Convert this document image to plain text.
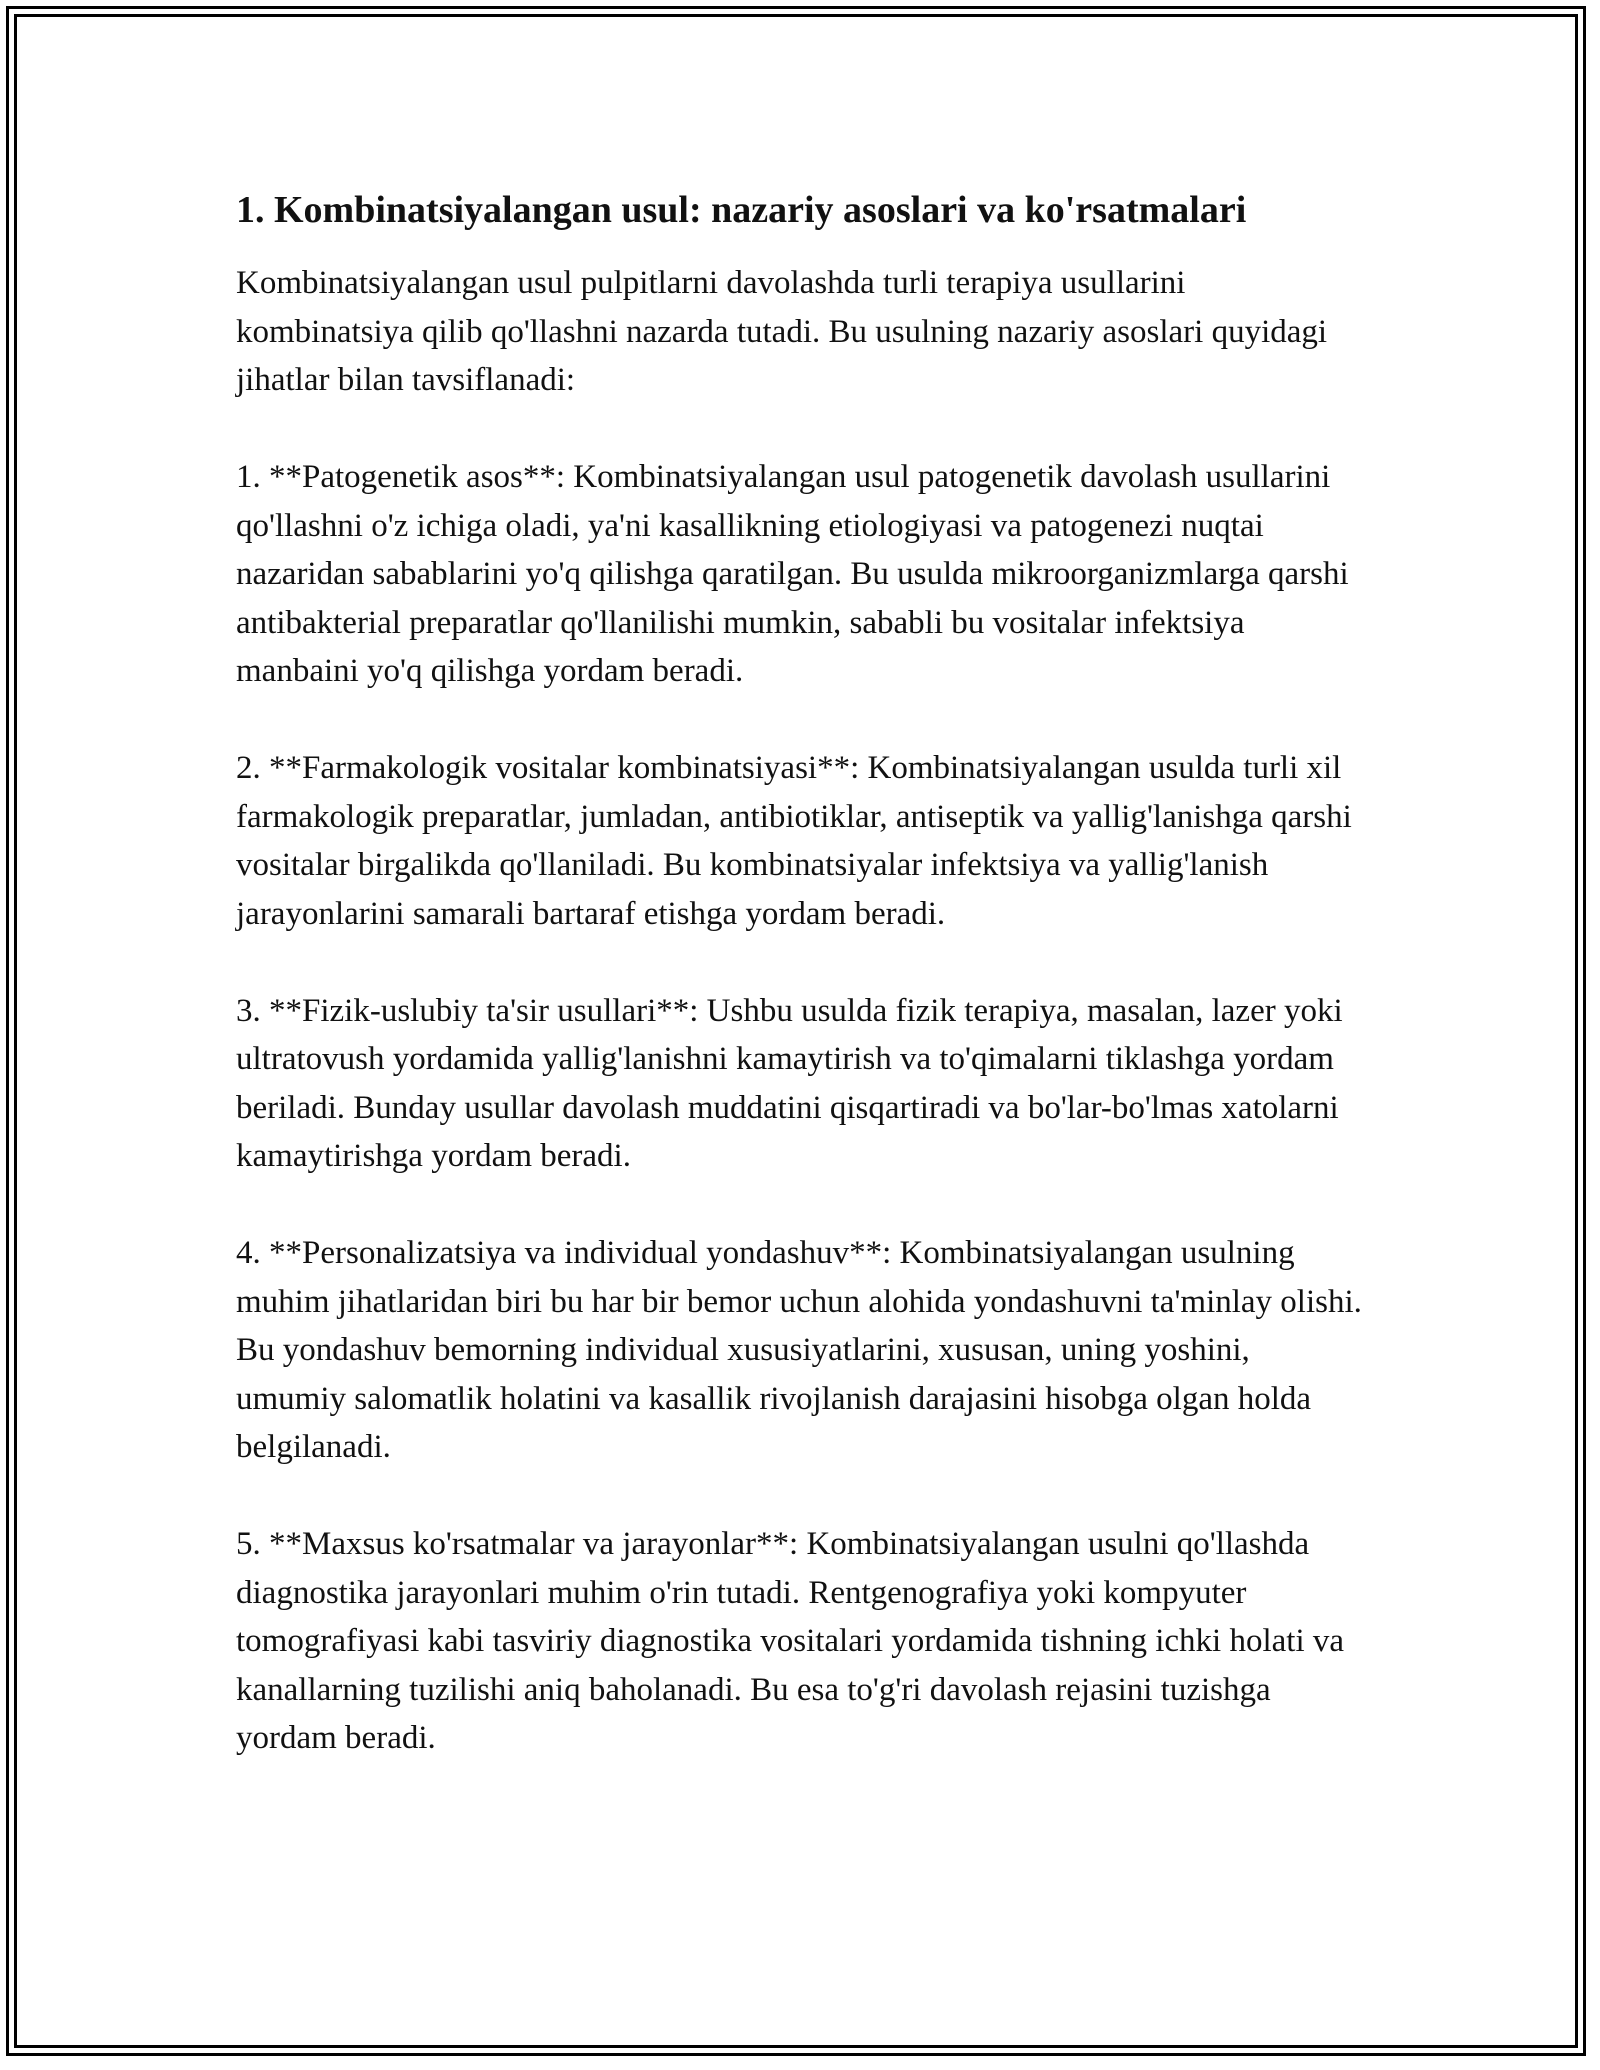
1. Kombinatsiyalangan usul: nazariy asoslari va ko'rsatmalari

Kombinatsiyalangan usul pulpitlarni davolashda turli terapiya usullarini kombinatsiya qilib qo'llashni nazarda tutadi. Bu usulning nazariy asoslari quyidagi jihatlar bilan tavsiflanadi:

1. **Patogenetik asos**: Kombinatsiyalangan usul patogenetik davolash usullarini qo'llashni o'z ichiga oladi, ya'ni kasallikning etiologiyasi va patogenezi nuqtai nazaridan sabablarini yo'q qilishga qaratilgan. Bu usulda mikroorganizmlarga qarshi antibakterial preparatlar qo'llanilishi mumkin, sababli bu vositalar infektsiya manbaini yo'q qilishga yordam beradi.

2. **Farmakologik vositalar kombinatsiyasi**: Kombinatsiyalangan usulda turli xil farmakologik preparatlar, jumladan, antibiotiklar, antiseptik va yallig'lanishga qarshi vositalar birgalikda qo'llaniladi. Bu kombinatsiyalar infektsiya va yallig'lanish jarayonlarini samarali bartaraf etishga yordam beradi.

3. **Fizik-uslubiy ta'sir usullari**: Ushbu usulda fizik terapiya, masalan, lazer yoki ultratovush yordamida yallig'lanishni kamaytirish va to'qimalarni tiklashga yordam beriladi. Bunday usullar davolash muddatini qisqartiradi va bo'lar-bo'lmas xatolarni kamaytirishga yordam beradi.

4. **Personalizatsiya va individual yondashuv**: Kombinatsiyalangan usulning muhim jihatlaridan biri bu har bir bemor uchun alohida yondashuvni ta'minlay olishi. Bu yondashuv bemorning individual xususiyatlarini, xususan, uning yoshini, umumiy salomatlik holatini va kasallik rivojlanish darajasini hisobga olgan holda belgilanadi.

5. **Maxsus ko'rsatmalar va jarayonlar**: Kombinatsiyalangan usulni qo'llashda diagnostika jarayonlari muhim o'rin tutadi. Rentgenografiya yoki kompyuter tomografiyasi kabi tasviriy diagnostika vositalari yordamida tishning ichki holati va kanallarning tuzilishi aniq baholanadi. Bu esa to'g'ri davolash rejasini tuzishga yordam beradi.
